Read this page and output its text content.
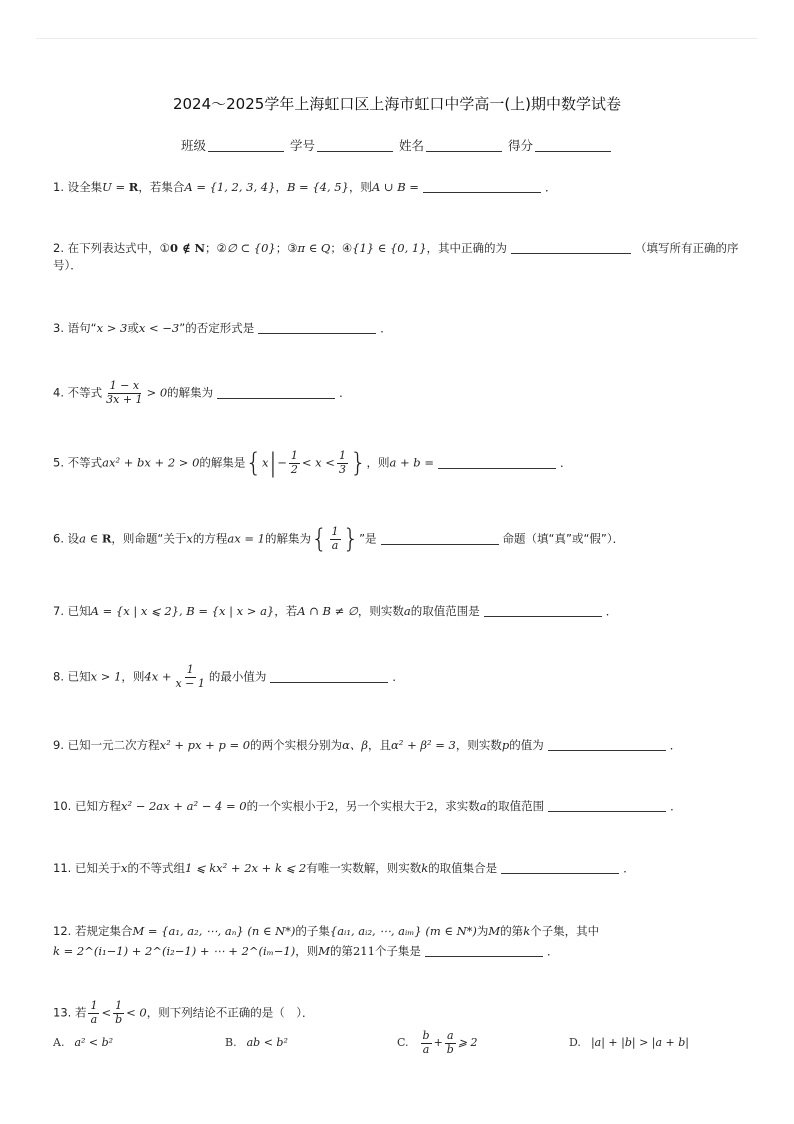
2024～2025学年上海虹口区上海市虹口中学高一(上)期中数学试卷
班级	学号	姓名	得分
1. 设全集U = R，若集合A = {1, 2, 3, 4}，B = {4, 5}，则A ∪ B =	．
2. 在下列表达式中，①0 ∉ N；②∅ ⊂ {0}；③π ∈ Q；④{1} ∈ {0, 1}，其中正确的为	（填写所有正确的序号）．
3. 语句“x > 3或x < −3”的否定形式是	．
4. 不等式 $\frac{1 - x}{3x + 1} > 0$的解集为	．
5. 不等式ax² + bx + 2 > 0的解集是{$x|- \frac{1}{2} < x < \frac{1}{3}$ }，则a + b =	．
6. 设a ∈ R，则命题“关于x的方程ax = 1的解集为{ $\frac{1}{a}$ }”是	命题（填“真”或“假”）．
7. 已知A = {x | x ⩽ 2}, B = {x | x > a}，若A ∩ B ≠ ∅，则实数a的取值范围是	．
8. 已知x > 1，则$4x + \frac{1}{x - 1}$ 的最小值为	．
9. 已知一元二次方程x² + px + p = 0的两个实根分别为α、β，且α² + β² = 3，则实数p的值为	．
10. 已知方程x² − 2ax + a² − 4 = 0的一个实根小于2，另一个实根大于2，求实数a的取值范围	．
11. 已知关于x的不等式组1 ⩽ kx² + 2x + k ⩽ 2有唯一实数解，则实数k的取值集合是	．
12. 若规定集合M = {a₁, a₂, ⋯, aₙ} (n ∈ N*)的子集{aᵢ₁, aᵢ₂, ⋯, aᵢₘ} (m ∈ N*)为M的第k个子集，其中
k = 2^(i₁−1) + 2^(i₂−1) + ⋯ + 2^(iₘ−1)，则M的第211个子集是	．
13. 若 $\frac{1}{a} < \frac{1}{b} < 0$，则下列结论不正确的是（　）．
A. a² < b²	B. ab < b²	C. $\frac{b}{a} + \frac{a}{b}$ ⩾ 2	D. |a| + |b| > |a + b|
